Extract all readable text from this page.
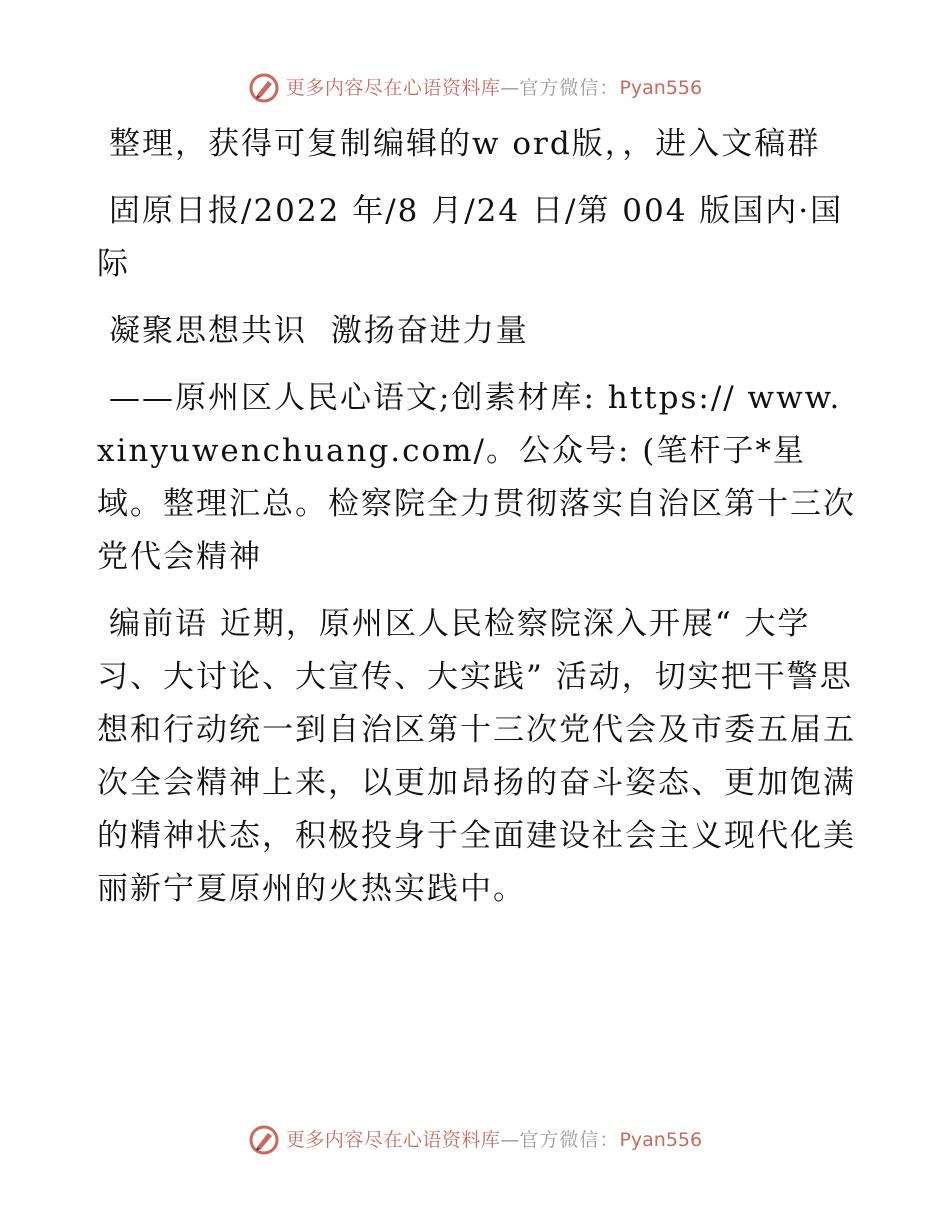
更多内容尽在心语资料库 — 官方微信： Pyan556

整理，获得可复制编辑的w ord版，，进入文稿群

固原日报/2022 年/8 月/24 日/第 004 版国内·国际

凝聚思想共识  激扬奋进力量

——原州区人民心语文;创素材库: https:// www.xinyuwenchuang.com/。公众号: (笔杆子*星域。整理汇总。检察院全力贯彻落实自治区第十三次党代会精神

编前语 近期，原州区人民检察院深入开展“ 大学习、大讨论、大宣传、大实践” 活动，切实把干警思想和行动统一到自治区第十三次党代会及市委五届五次全会精神上来，以更加昂扬的奋斗姿态、更加饱满的精神状态，积极投身于全面建设社会主义现代化美丽新宁夏原州的火热实践中。

更多内容尽在心语资料库 — 官方微信： Pyan556
